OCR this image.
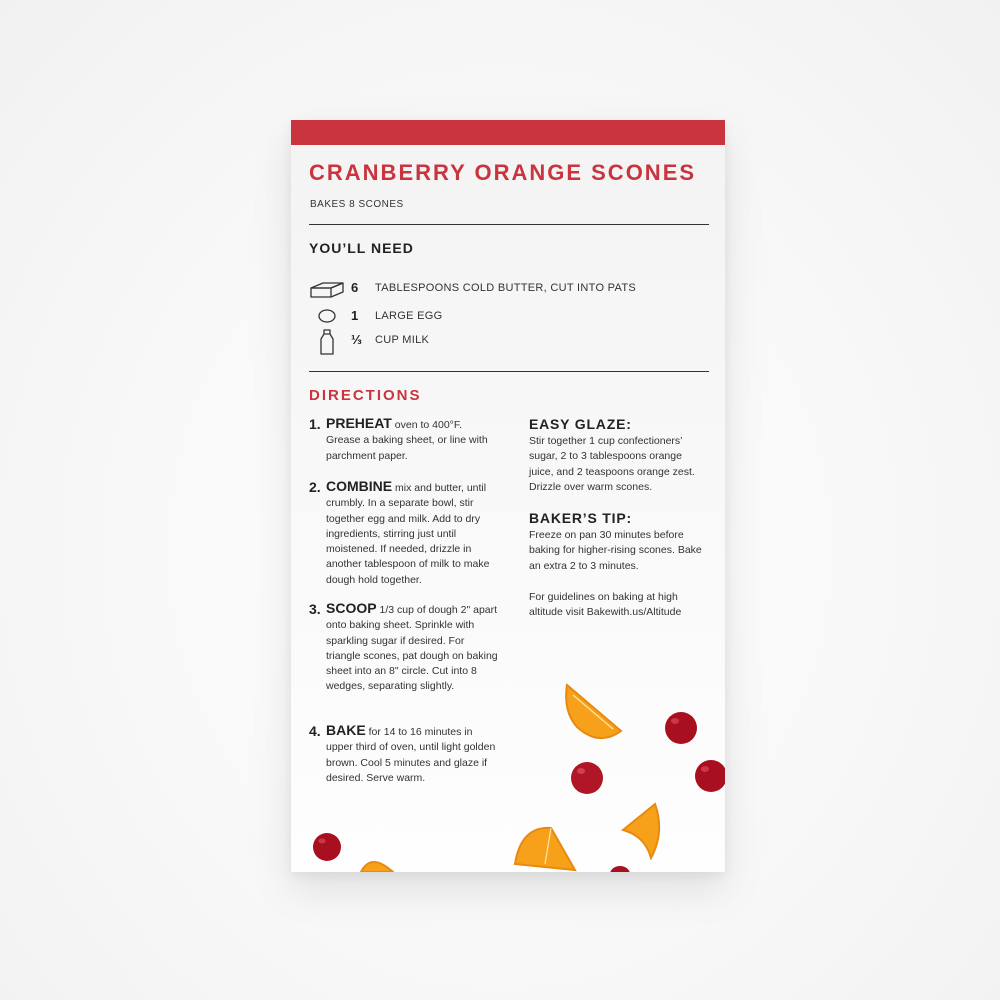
CRANBERRY ORANGE SCONES
BAKES 8 SCONES
YOU’LL NEED
6 TABLESPOONS COLD BUTTER, CUT INTO PATS
1 LARGE EGG
⅓ CUP MILK
DIRECTIONS
1. PREHEAT oven to 400°F. Grease a baking sheet, or line with parchment paper.
2. COMBINE mix and butter, until crumbly. In a separate bowl, stir together egg and milk. Add to dry ingredients, stirring just until moistened. If needed, drizzle in another tablespoon of milk to make dough hold together.
3. SCOOP 1/3 cup of dough 2" apart onto baking sheet. Sprinkle with sparkling sugar if desired. For triangle scones, pat dough on baking sheet into an 8" circle. Cut into 8 wedges, separating slightly.
4. BAKE for 14 to 16 minutes in upper third of oven, until light golden brown. Cool 5 minutes and glaze if desired. Serve warm.
EASY GLAZE:
Stir together 1 cup confectioners’ sugar, 2 to 3 tablespoons orange juice, and 2 teaspoons orange zest. Drizzle over warm scones.
BAKER’S TIP:
Freeze on pan 30 minutes before baking for higher-rising scones. Bake an extra 2 to 3 minutes.
For guidelines on baking at high altitude visit Bakewith.us/Altitude
